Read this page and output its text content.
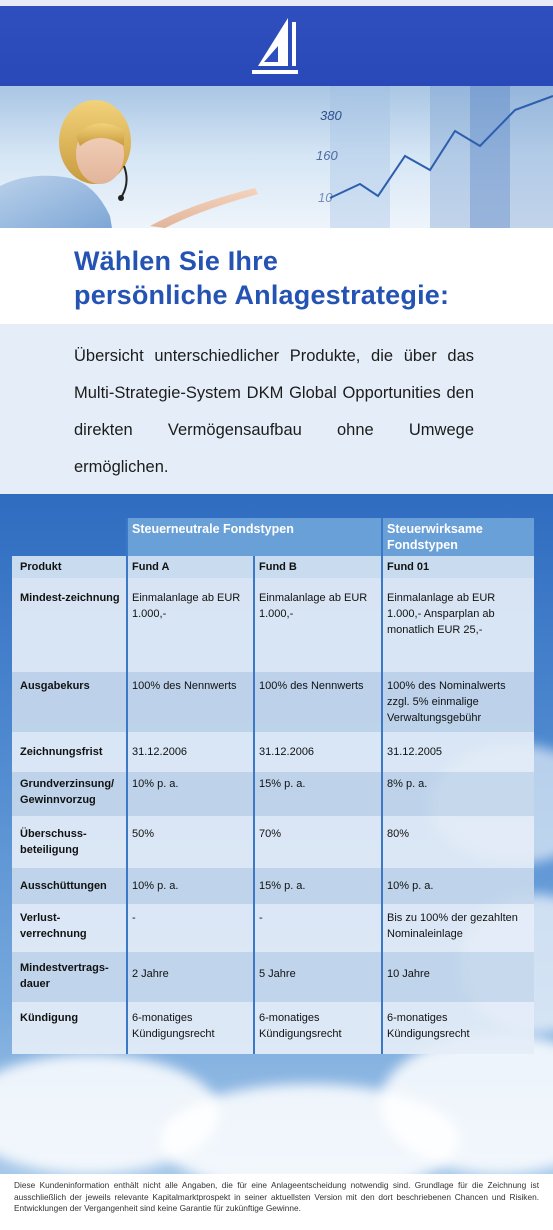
380
160
10
Wählen Sie Ihre
persönliche Anlagestrategie:

Übersicht unterschiedlicher Produkte, die über das Multi-Strategie-System DKM Global Opportunities den direkten Vermögensaufbau ohne Umwege ermöglichen.

	Steuerneutrale Fondstypen		Steuerwirksame Fondstypen
Produkt	Fund A	Fund B	Fund 01
Mindest-zeichnung	Einmalanlage ab EUR 1.000,-	Einmalanlage ab EUR 1.000,-	Einmalanlage ab EUR 1.000,- Ansparplan ab monatlich EUR 25,-
Ausgabekurs	100% des Nennwerts	100% des Nennwerts	100% des Nominalwerts zzgl. 5% einmalige Verwaltungsgebühr
Zeichnungsfrist	31.12.2006	31.12.2006	31.12.2005
Grundverzinsung/ Gewinnvorzug	10% p. a.	15% p. a.	8% p. a.
Überschuss-beteiligung	50%	70%	80%
Ausschüttungen	10% p. a.	15% p. a.	10% p. a.
Verlust-verrechnung	-	-	Bis zu 100% der gezahlten Nominaleinlage
Mindestvertrags-dauer	2 Jahre	5 Jahre	10 Jahre
Kündigung	6-monatiges Kündigungsrecht	6-monatiges Kündigungsrecht	6-monatiges Kündigungsrecht

Diese Kundeninformation enthält nicht alle Angaben, die für eine Anlageentscheidung notwendig sind. Grundlage für die Zeichnung ist ausschließlich der jeweils relevante Kapitalmarktprospekt in seiner aktuellsten Version mit den dort beschriebenen Chancen und Risiken. Entwicklungen der Vergangenheit sind keine Garantie für zukünftige Gewinne.
